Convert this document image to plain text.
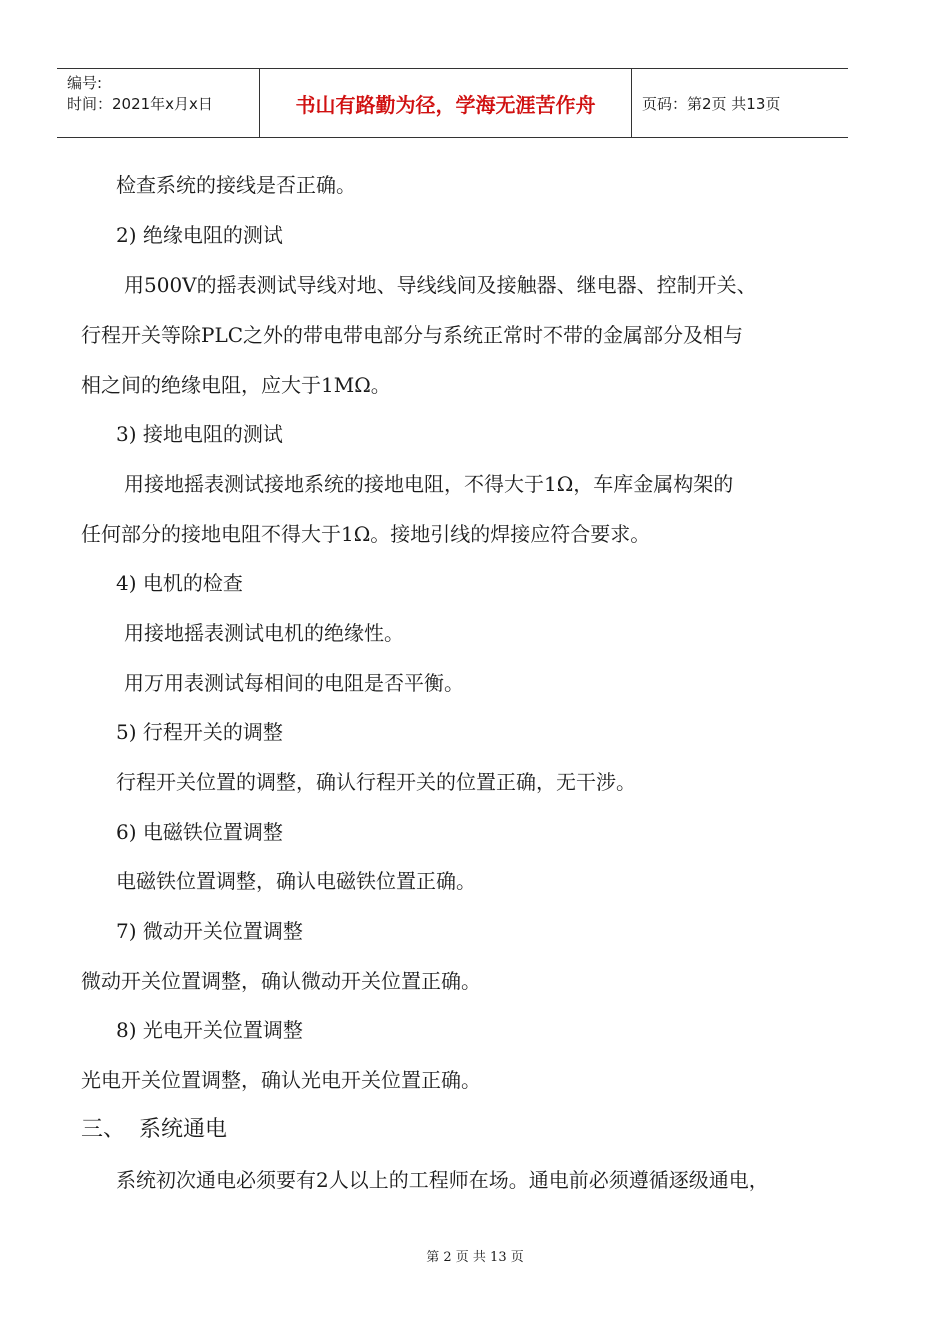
编号:
时间：2021年x月x日	书山有路勤为径，学海无涯苦作舟	页码：第2页 共13页
检查系统的接线是否正确。
2) 绝缘电阻的测试
用500V的摇表测试导线对地、导线线间及接触器、继电器、控制开关、
行程开关等除PLC之外的带电带电部分与系统正常时不带的金属部分及相与
相之间的绝缘电阻，应大于1MΩ。
3) 接地电阻的测试
用接地摇表测试接地系统的接地电阻，不得大于1Ω，车库金属构架的
任何部分的接地电阻不得大于1Ω。接地引线的焊接应符合要求。
4) 电机的检查
用接地摇表测试电机的绝缘性。
用万用表测试每相间的电阻是否平衡。
5) 行程开关的调整
行程开关位置的调整，确认行程开关的位置正确，无干涉。
6) 电磁铁位置调整
电磁铁位置调整，确认电磁铁位置正确。
7) 微动开关位置调整
微动开关位置调整，确认微动开关位置正确。
8) 光电开关位置调整
光电开关位置调整，确认光电开关位置正确。
三、  系统通电
系统初次通电必须要有2人以上的工程师在场。通电前必须遵循逐级通电，
第 2 页 共 13 页
